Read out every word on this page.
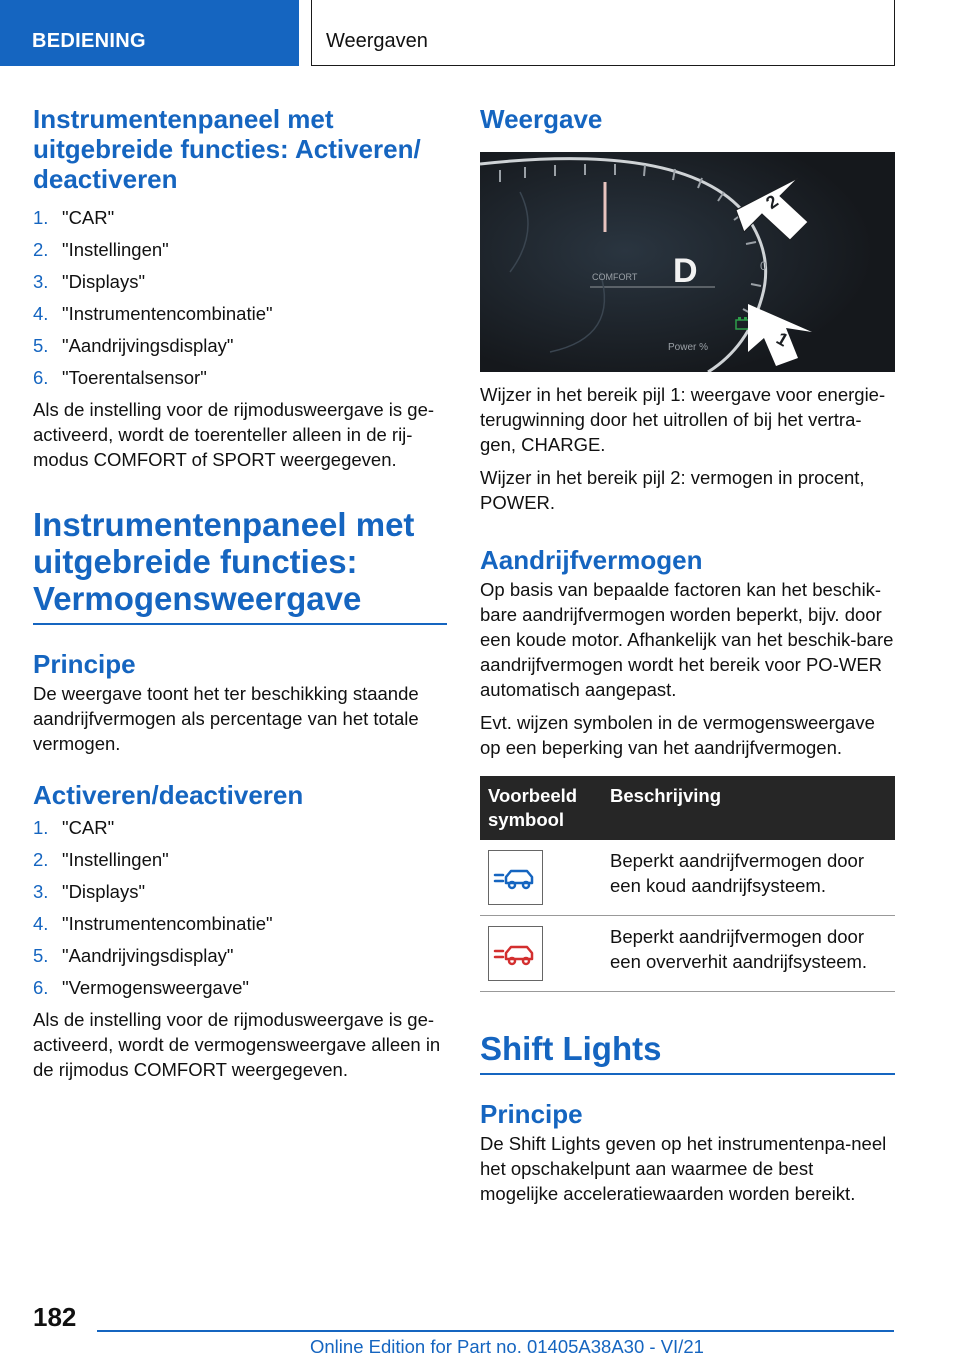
BEDIENING	Weergaven
Instrumentenpaneel met uitgebreide functies: Activeren/ deactiveren
1. "CAR"
2. "Instellingen"
3. "Displays"
4. "Instrumentencombinatie"
5. "Aandrijvingsdisplay"
6. "Toerentalsensor"

Als de instelling voor de rijmodusweergave is ge-activeerd, wordt de toerenteller alleen in de rij-modus COMFORT of SPORT weergegeven.

Instrumentenpaneel met uitgebreide functies: Vermogensweergave
Principe

De weergave toont het ter beschikking staande aandrijfvermogen als percentage van het totale vermogen.

Activeren/deactiveren
1. "CAR"
2. "Instellingen"
3. "Displays"
4. "Instrumentencombinatie"
5. "Aandrijvingsdisplay"
6. "Vermogensweergave"

Als de instelling voor de rijmodusweergave is ge-activeerd, wordt de vermogensweergave alleen in de rijmodus COMFORT weergegeven.

Weergave
COMFORT D	0
Power %
2
1

Wijzer in het bereik pijl 1: weergave voor energie-terugwinning door het uitrollen of bij het vertra-gen, CHARGE.

Wijzer in het bereik pijl 2: vermogen in procent, POWER.

Aandrijfvermogen

Op basis van bepaalde factoren kan het beschik-bare aandrijfvermogen worden beperkt, bijv. door een koude motor. Afhankelijk van het beschik-bare aandrijfvermogen wordt het bereik voor PO-WER automatisch aangepast.

Evt. wijzen symbolen in de vermogensweergave op een beperking van het aandrijfvermogen.

Voorbeeld symbool	Beschrijving

	Beperkt aandrijfvermogen door een koud aandrijfsysteem.

	Beperkt aandrijfvermogen door een oververhit aandrijfsysteem.
Shift Lights
Principe

De Shift Lights geven op het instrumentenpa-neel het opschakelpunt aan waarmee de best mogelijke acceleratiewaarden worden bereikt.

182
Online Edition for Part no. 01405A38A30 - VI/21
